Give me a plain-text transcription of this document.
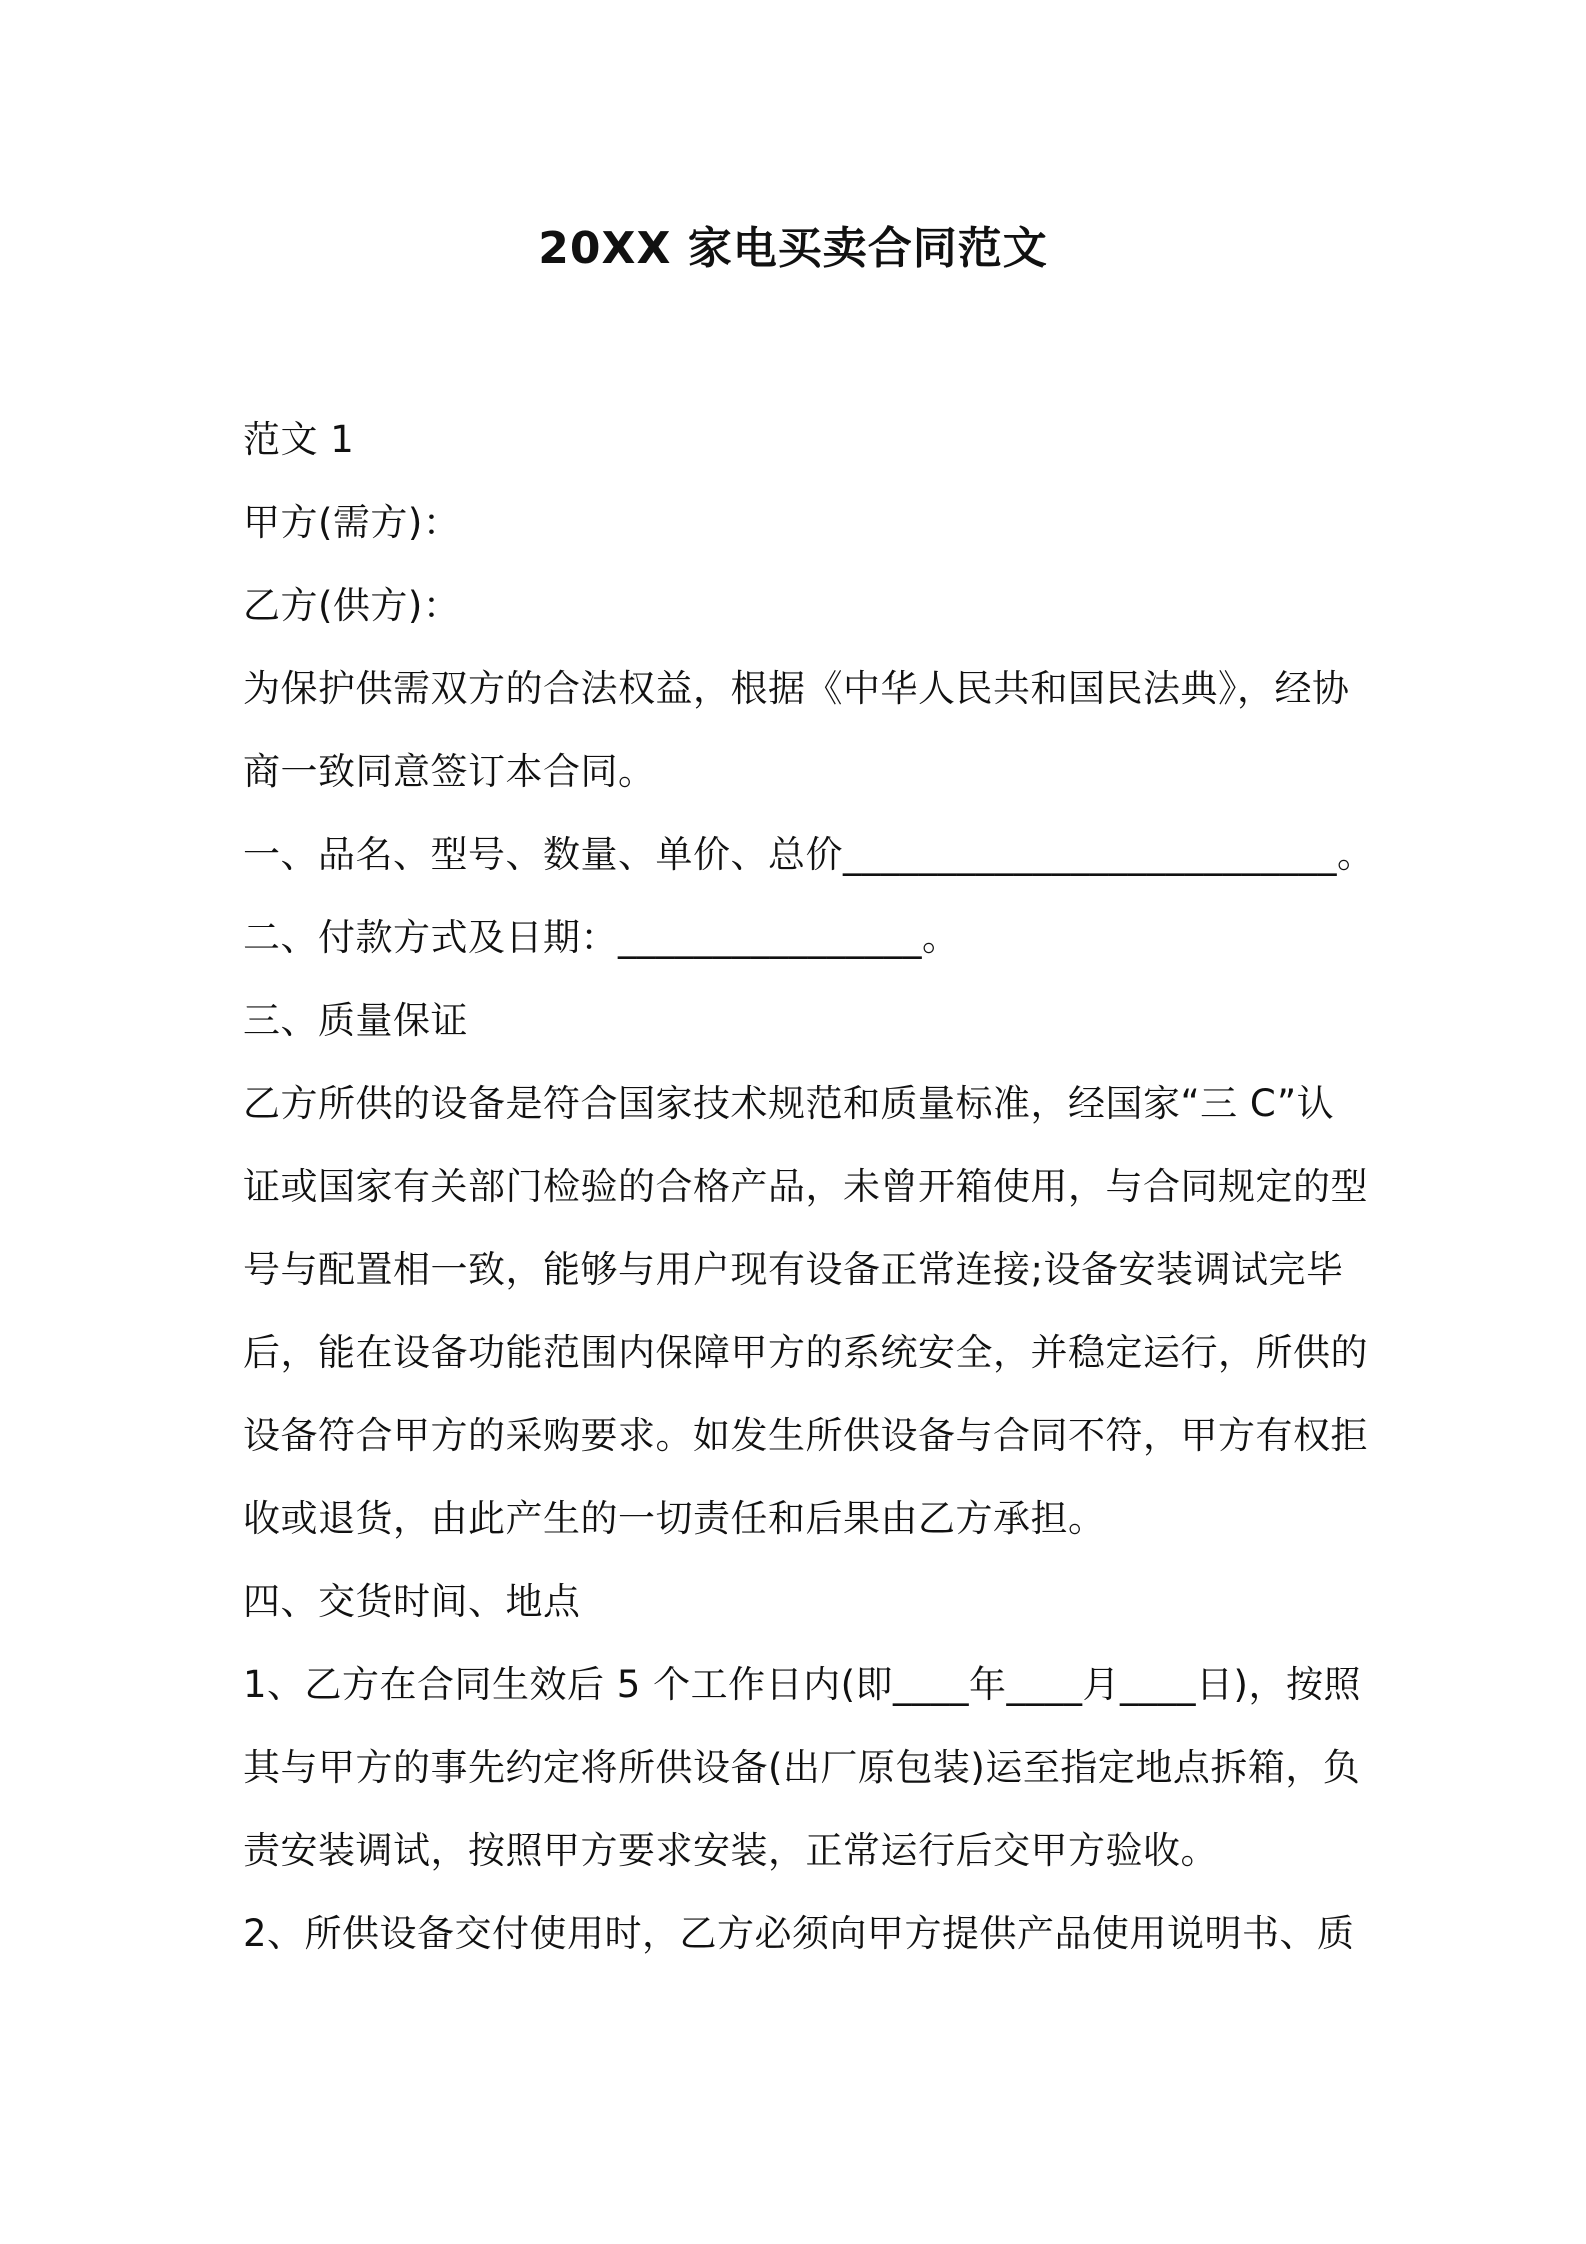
20XX 家电买卖合同范文
范文 1
甲方(需方)：
乙方(供方)：
为保护供需双方的合法权益，根据《中华人民共和国民法典》，经协
商一致同意签订本合同。
一、品名、型号、数量、单价、总价__________________________。
二、付款方式及日期：________________。
三、质量保证
乙方所供的设备是符合国家技术规范和质量标准，经国家“三 C”认
证或国家有关部门检验的合格产品，未曾开箱使用，与合同规定的型
号与配置相一致，能够与用户现有设备正常连接;设备安装调试完毕
后，能在设备功能范围内保障甲方的系统安全，并稳定运行，所供的
设备符合甲方的采购要求。如发生所供设备与合同不符，甲方有权拒
收或退货，由此产生的一切责任和后果由乙方承担。
四、交货时间、地点
1、乙方在合同生效后 5 个工作日内(即____年____月____日)，按照
其与甲方的事先约定将所供设备(出厂原包装)运至指定地点拆箱，负
责安装调试，按照甲方要求安装，正常运行后交甲方验收。
2、所供设备交付使用时，乙方必须向甲方提供产品使用说明书、质
